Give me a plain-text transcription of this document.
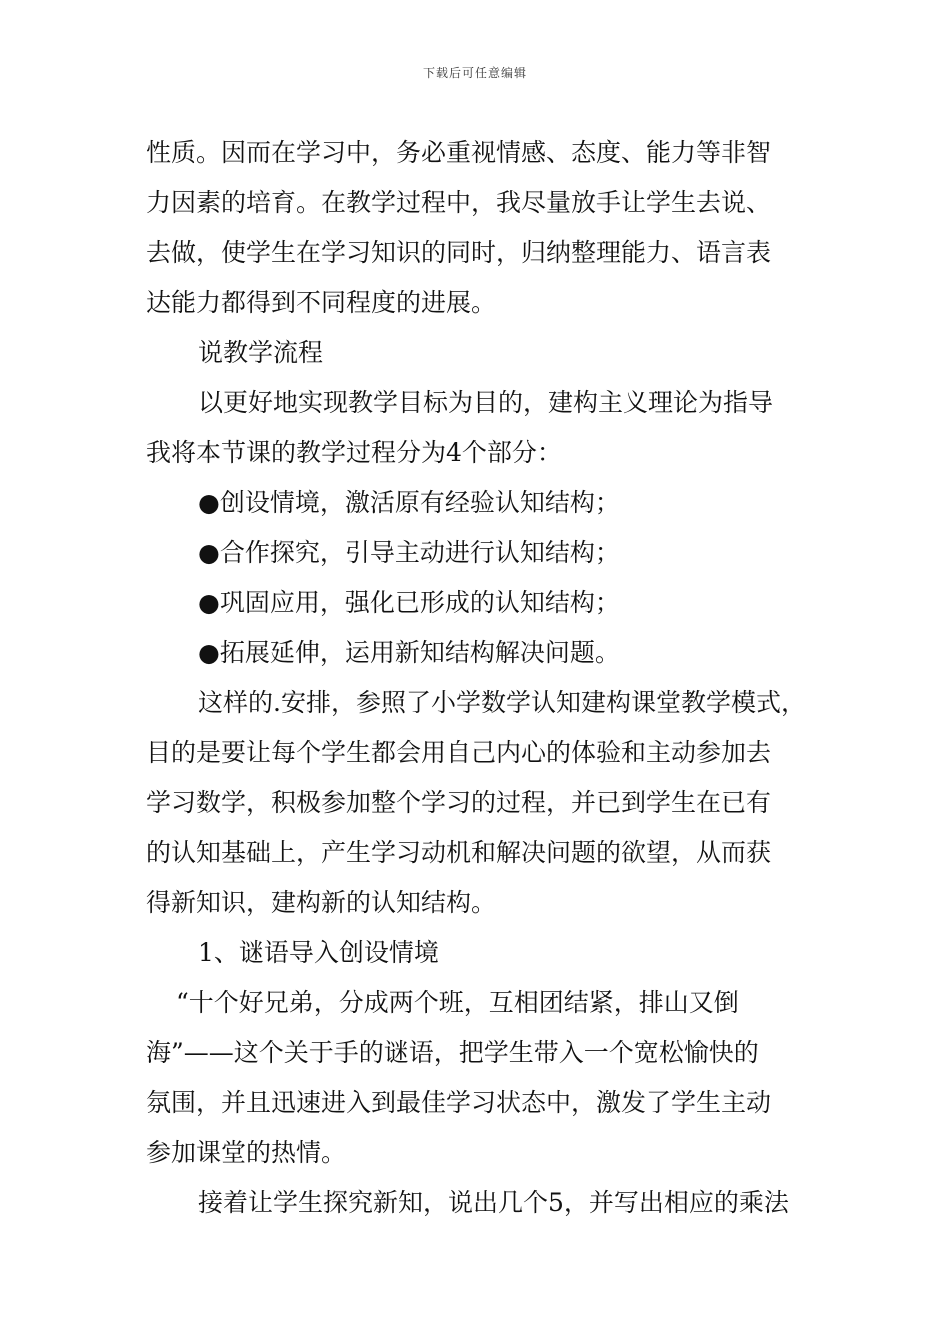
下载后可任意编辑

性质。因而在学习中，务必重视情感、态度、能力等非智

力因素的培育。在教学过程中，我尽量放手让学生去说、

去做，使学生在学习知识的同时，归纳整理能力、语言表

达能力都得到不同程度的进展。

说教学流程

以更好地实现教学目标为目的，建构主义理论为指导

我将本节课的教学过程分为4个部分：

●创设情境，激活原有经验认知结构；

●合作探究，引导主动进行认知结构；

●巩固应用，强化已形成的认知结构；

●拓展延伸，运用新知结构解决问题。

这样的.安排，参照了小学数学认知建构课堂教学模式，

目的是要让每个学生都会用自己内心的体验和主动参加去

学习数学，积极参加整个学习的过程，并已到学生在已有

的认知基础上，产生学习动机和解决问题的欲望，从而获

得新知识，建构新的认知结构。

1、谜语导入创设情境

“十个好兄弟，分成两个班，互相团结紧，排山又倒

海”——这个关于手的谜语，把学生带入一个宽松愉快的

氛围，并且迅速进入到最佳学习状态中，激发了学生主动

参加课堂的热情。

接着让学生探究新知，说出几个5，并写出相应的乘法
